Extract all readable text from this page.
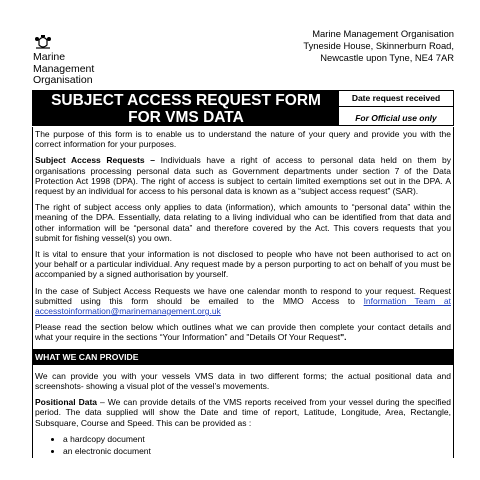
Marine
Management
Organisation
Marine Management Organisation
Tyneside House, Skinnerburn Road,
Newcastle upon Tyne, NE4 7AR
SUBJECT ACCESS REQUEST FORM
FOR VMS DATA
Date request received
For Official use only

The purpose of this form is to enable us to understand the nature of your query and provide you with the correct information for your purposes.

Subject Access Requests – Individuals have a right of access to personal data held on them by organisations processing personal data such as Government departments under section 7 of the Data Protection Act 1998 (DPA). The right of access is subject to certain limited exemptions set out in the DPA. A request by an individual for access to his personal data is known as a “subject access request” (SAR).

The right of subject access only applies to data (information), which amounts to “personal data” within the meaning of the DPA. Essentially, data relating to a living individual who can be identified from that data and other information will be “personal data” and therefore covered by the Act. This covers requests that you submit for fishing vessel(s) you own.

It is vital to ensure that your information is not disclosed to people who have not been authorised to act on your behalf or a particular individual. Any request made by a person purporting to act on behalf of you must be accompanied by a signed authorisation by yourself.

In the case of Subject Access Requests we have one calendar month to respond to your request. Request submitted using this form should be emailed to the MMO Access to Information Team at accesstoinformation@marinemanagement.org.uk

Please read the section below which outlines what we can provide then complete your contact details and what your require in the sections “Your Information” and "Details Of Your Request".

WHAT WE CAN PROVIDE

We can provide you with your vessels VMS data in two different forms; the actual positional data and screenshots- showing a visual plot of the vessel’s movements.

Positional Data – We can provide details of the VMS reports received from your vessel during the specified period. The data supplied will show the Date and time of report, Latitude, Longitude, Area, Rectangle, Subsquare, Course and Speed. This can be provided as :

• a hardcopy document
• an electronic document
